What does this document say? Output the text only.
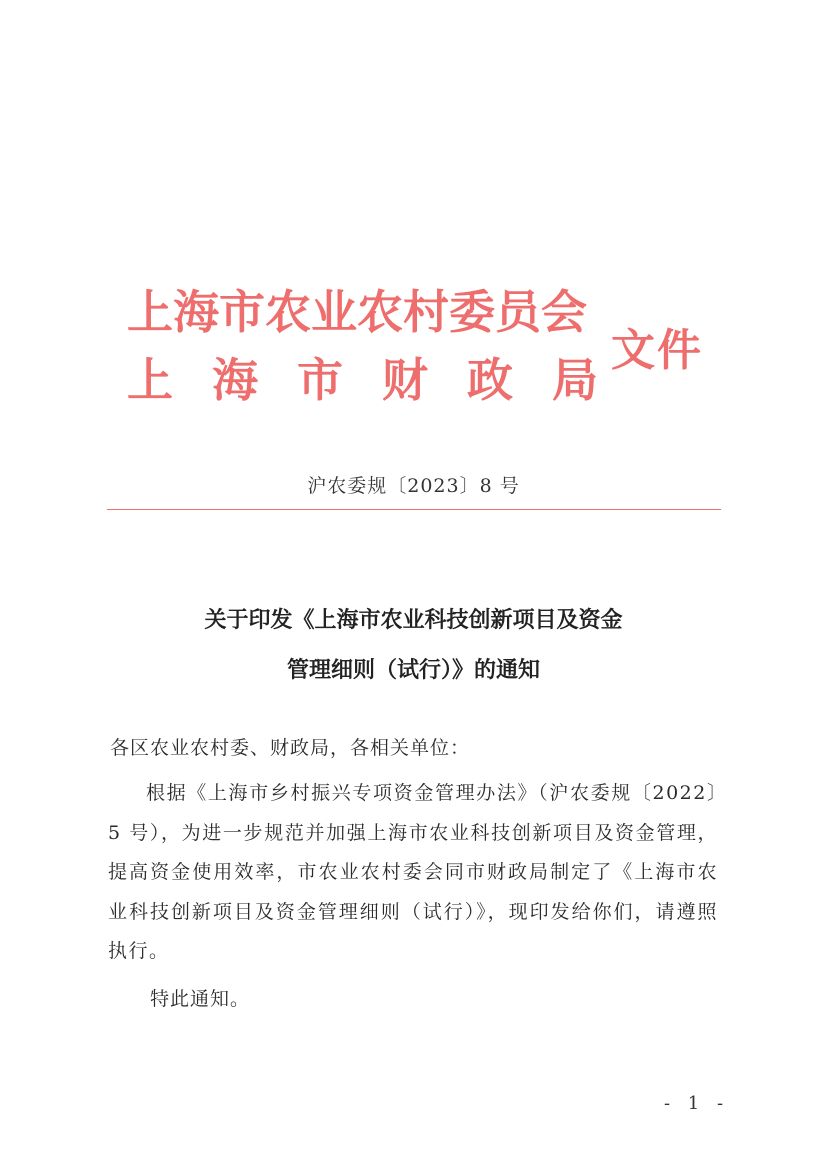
上海市农业农村委员会
上海市财政局
文件
沪农委规〔2023〕8 号
关于印发《上海市农业科技创新项目及资金
管理细则（试行）》的通知
各区农业农村委、财政局，各相关单位：
根据《上海市乡村振兴专项资金管理办法》（沪农委规〔2022〕5 号），为进一步规范并加强上海市农业科技创新项目及资金管理，提高资金使用效率，市农业农村委会同市财政局制定了《上海市农业科技创新项目及资金管理细则（试行）》，现印发给你们，请遵照执行。
特此通知。
- 1 -
